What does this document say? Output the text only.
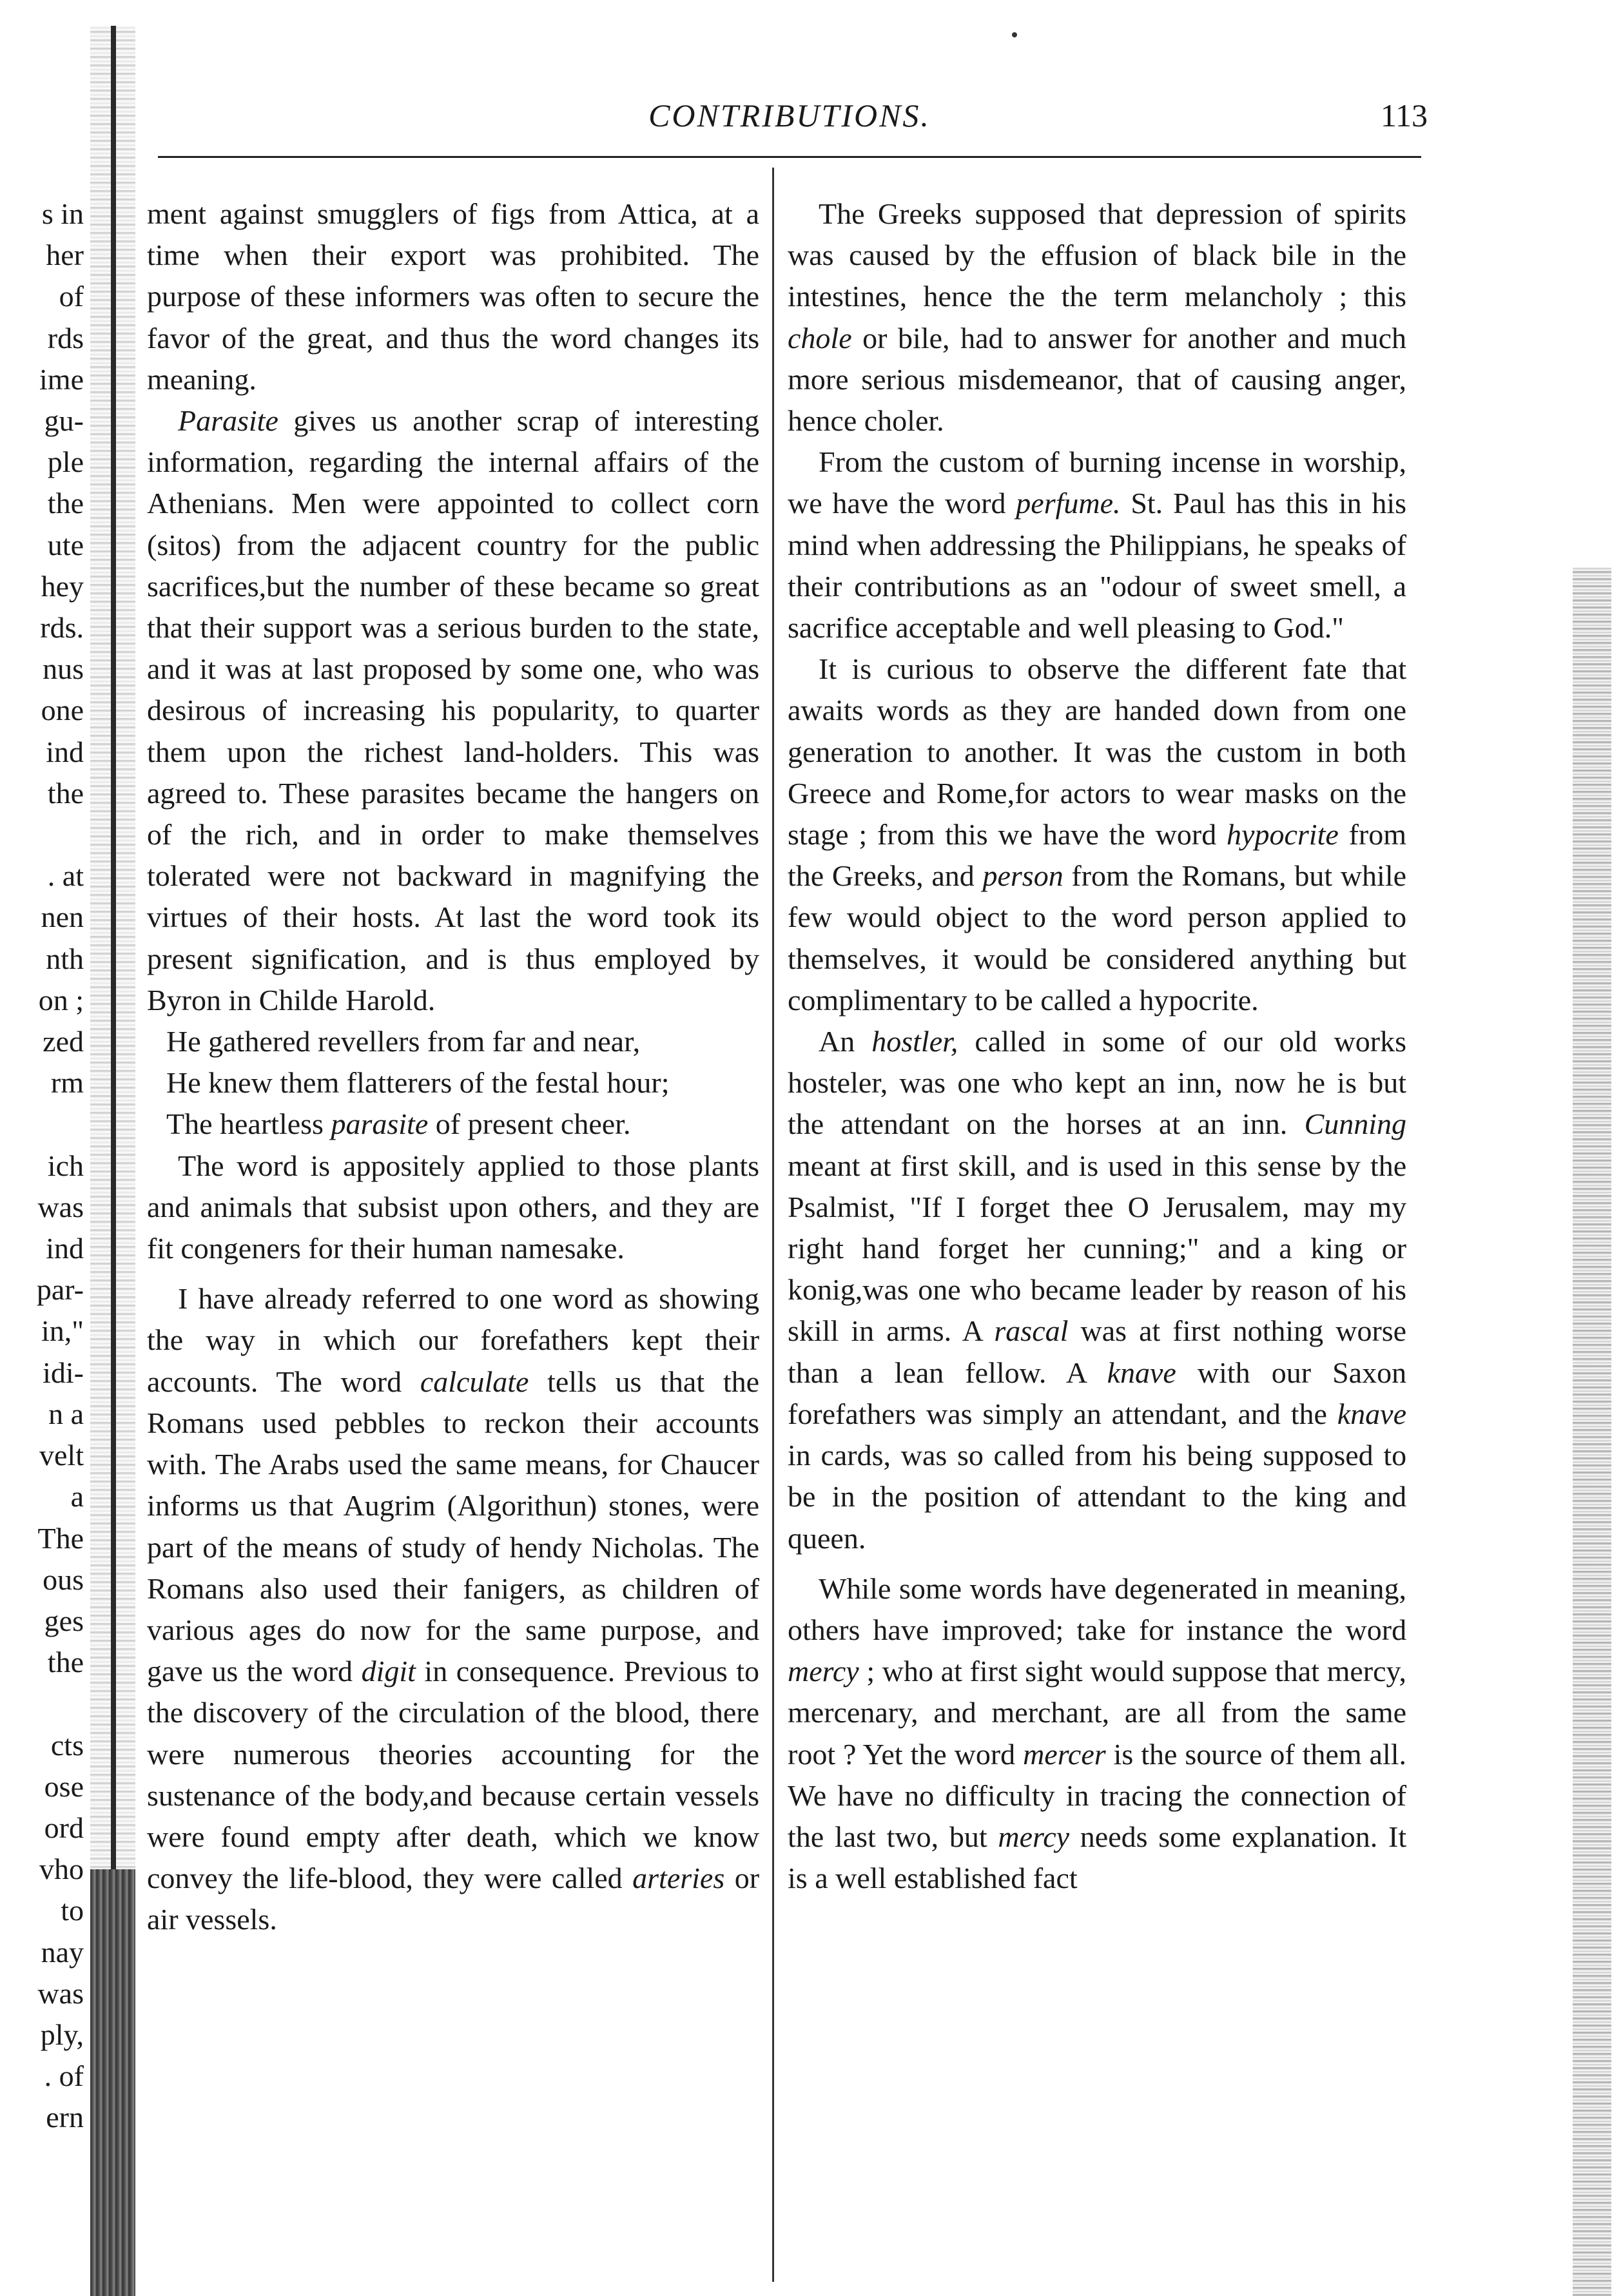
s in
her
of
rds
ime
gu-
ple
the
ute
hey
rds.
nus
one
ind
the

. at
nen
nth
on ;
zed
rm

ich
was
ind
par-
in,"
idi-
n a
velt
a
The
ous
ges
the

cts
ose
ord
vho
to
nay
was
ply,
. of
ern
CONTRIBUTIONS.	113

ment against smugglers of figs from Attica, at a time when their export was prohibited. The purpose of these informers was often to secure the favor of the great, and thus the word changes its meaning.

Parasite gives us another scrap of interesting information, regarding the internal affairs of the Athenians. Men were appointed to collect corn (sitos) from the adjacent country for the public sacrifices,but the number of these became so great that their support was a serious burden to the state, and it was at last proposed by some one, who was desirous of increasing his popularity, to quarter them upon the richest land-holders. This was agreed to. These parasites became the hangers on of the rich, and in order to make themselves tolerated were not backward in magnifying the virtues of their hosts. At last the word took its present signification, and is thus employed by Byron in Childe Harold.

He gathered revellers from far and near,

He knew them flatterers of the festal hour;

The heartless parasite of present cheer.

The word is appositely applied to those plants and animals that subsist upon others, and they are fit congeners for their human namesake.

I have already referred to one word as showing the way in which our forefathers kept their accounts. The word calculate tells us that the Romans used pebbles to reckon their accounts with. The Arabs used the same means, for Chaucer informs us that Augrim (Algorithun) stones, were part of the means of study of hendy Nicholas. The Romans also used their fanigers, as children of various ages do now for the same purpose, and gave us the word digit in consequence. Previous to the discovery of the circulation of the blood, there were numerous theories accounting for the sustenance of the body,and because certain vessels were found empty after death, which we know convey the life-blood, they were called arteries or air vessels.

The Greeks supposed that depression of spirits was caused by the effusion of black bile in the intestines, hence the the term melancholy ; this chole or bile, had to answer for another and much more serious misdemeanor, that of causing anger, hence choler.

From the custom of burning incense in worship, we have the word perfume. St. Paul has this in his mind when addressing the Philippians, he speaks of their contributions as an "odour of sweet smell, a sacrifice acceptable and well pleasing to God."

It is curious to observe the different fate that awaits words as they are handed down from one generation to another. It was the custom in both Greece and Rome,for actors to wear masks on the stage ; from this we have the word hypocrite from the Greeks, and person from the Romans, but while few would object to the word person applied to themselves, it would be considered anything but complimentary to be called a hypocrite.

An hostler, called in some of our old works hosteler, was one who kept an inn, now he is but the attendant on the horses at an inn. Cunning meant at first skill, and is used in this sense by the Psalmist, "If I forget thee O Jerusalem, may my right hand forget her cunning;" and a king or konig,was one who became leader by reason of his skill in arms. A rascal was at first nothing worse than a lean fellow. A knave with our Saxon forefathers was simply an attendant, and the knave in cards, was so called from his being supposed to be in the position of attendant to the king and queen.

While some words have degenerated in meaning, others have improved; take for instance the word mercy ; who at first sight would suppose that mercy, mercenary, and merchant, are all from the same root ? Yet the word mercer is the source of them all. We have no difficulty in tracing the connection of the last two, but mercy needs some explanation. It is a well established fact
